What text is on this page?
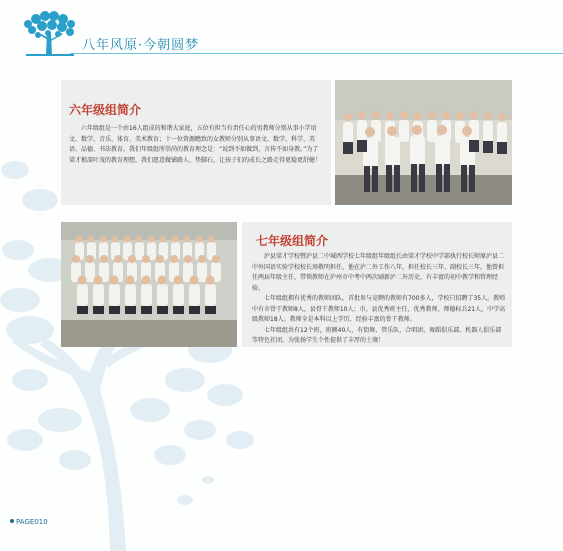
八年风原·今朝圆梦
六年级组简介
六年级组是一个由16人组成的和谐大家庭，五位有担当有责任心的男教师分别从事小学语文、数学、音乐、体育、美术教育；十一位资源瞻致的女教师分别从事语文、数学、科学、英语、品德、书法教育。我们年级组所崇尚的教育理念是：“说到不如做到，言传不如身教。”为了梁才根深叶茂的教育理想，我们愿意做铺路人、垫脚石，让孩子们的成长之路走得更稳更舒健！
七年级组简介

泸县梁才学校暨泸县二中城西学校七年级组年级组长由梁才学校中学部执行校长师原泸县二中外国语实验学校校长周敬明担任，他在泸二外工作八年，担任校长三年、副校长三年。他曾担任两届年级主任，带领教师在泸州市中考中两次刷新泸二外历史，有丰富的初中教学和管理经验。

七年级组拥有优秀的教师团队。首批参与竞聘的教师有700多人，学校只招聘了35人。教师中有市骨干教师8人，县骨干教师10人；市、县优秀班主任、优秀教师、师德标兵21人，中学高级教师18人。教师全是本科以上学历、经验丰富的骨干教师。

七年级组共有12个班，班额40人，有街舞、管乐队、合唱团、舞蹈俱乐部、机器人俱乐部等特色社团，为张扬学生个性提供了丰厚的土壤！

PAGE010
